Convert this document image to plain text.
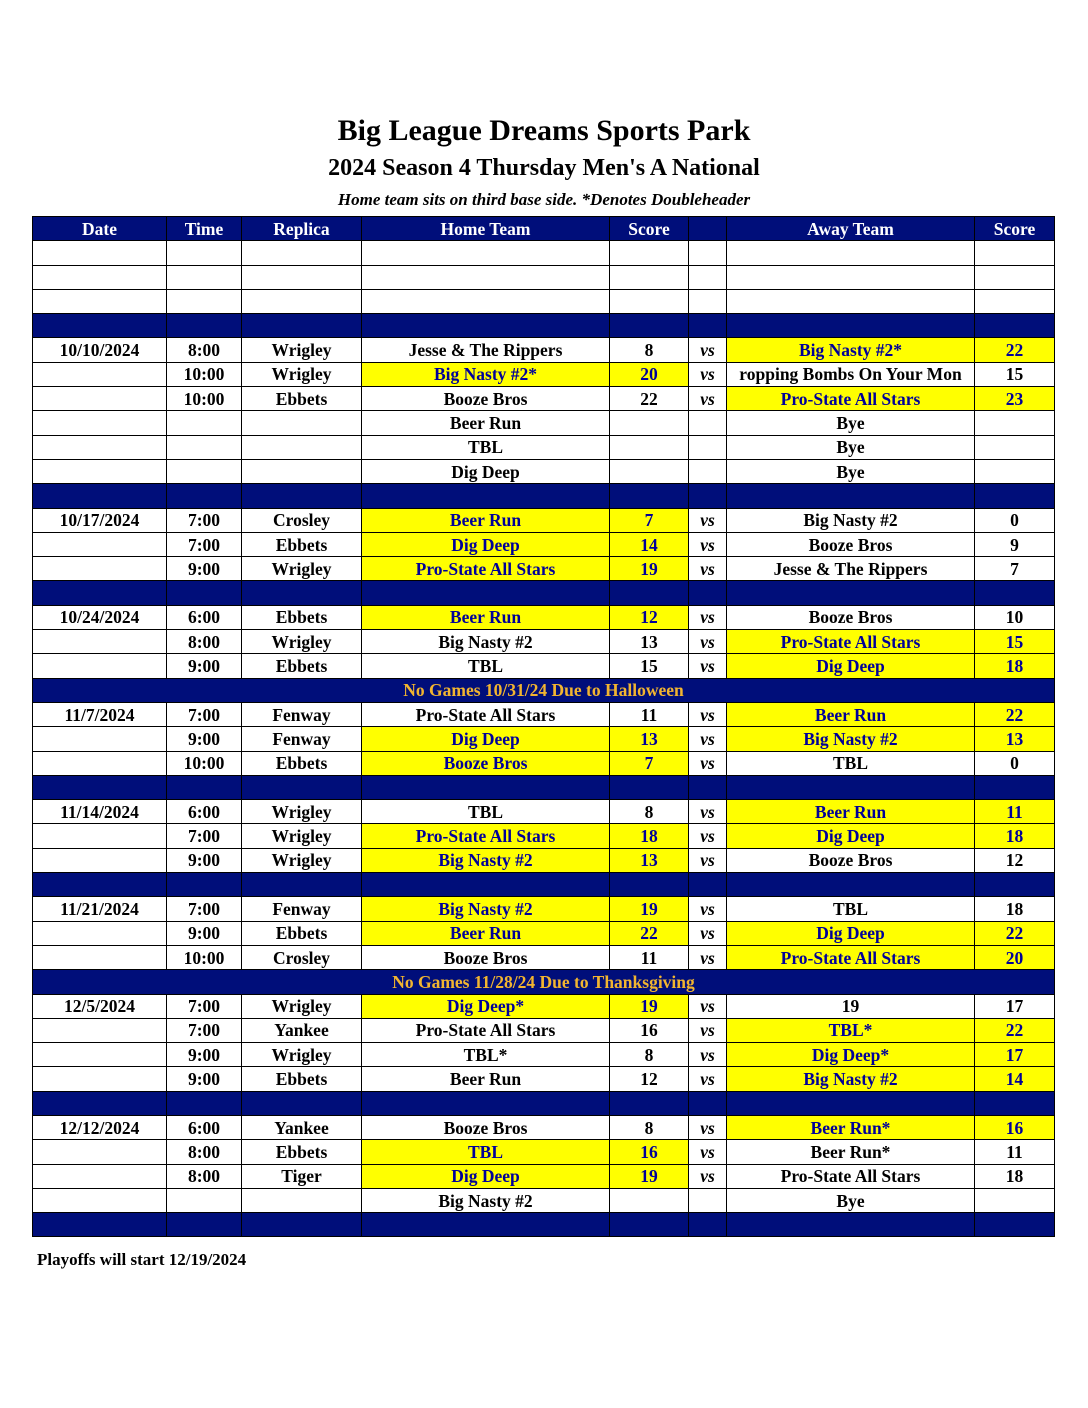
Big League Dreams Sports Park
2024 Season 4 Thursday Men's A National
Home team sits on third base side. *Denotes Doubleheader
Date	Time	Replica	Home Team	Score		Away Team	Score

10/10/2024	8:00	Wrigley	Jesse & The Rippers	8	vs	Big Nasty #2*	22
	10:00	Wrigley	Big Nasty #2*	20	vs	ropping Bombs On Your Mon	15
	10:00	Ebbets	Booze Bros	22	vs	Pro-State All Stars	23
			Beer Run			Bye	
			TBL			Bye	
			Dig Deep			Bye	

10/17/2024	7:00	Crosley	Beer Run	7	vs	Big Nasty #2	0
	7:00	Ebbets	Dig Deep	14	vs	Booze Bros	9
	9:00	Wrigley	Pro-State All Stars	19	vs	Jesse & The Rippers	7

10/24/2024	6:00	Ebbets	Beer Run	12	vs	Booze Bros	10
	8:00	Wrigley	Big Nasty #2	13	vs	Pro-State All Stars	15
	9:00	Ebbets	TBL	15	vs	Dig Deep	18
No Games 10/31/24 Due to Halloween							
11/7/2024	7:00	Fenway	Pro-State All Stars	11	vs	Beer Run	22
	9:00	Fenway	Dig Deep	13	vs	Big Nasty #2	13
	10:00	Ebbets	Booze Bros	7	vs	TBL	0

11/14/2024	6:00	Wrigley	TBL	8	vs	Beer Run	11
	7:00	Wrigley	Pro-State All Stars	18	vs	Dig Deep	18
	9:00	Wrigley	Big Nasty #2	13	vs	Booze Bros	12

11/21/2024	7:00	Fenway	Big Nasty #2	19	vs	TBL	18
	9:00	Ebbets	Beer Run	22	vs	Dig Deep	22
	10:00	Crosley	Booze Bros	11	vs	Pro-State All Stars	20
No Games 11/28/24 Due to Thanksgiving							
12/5/2024	7:00	Wrigley	Dig Deep*	19	vs	19	17
	7:00	Yankee	Pro-State All Stars	16	vs	TBL*	22
	9:00	Wrigley	TBL*	8	vs	Dig Deep*	17
	9:00	Ebbets	Beer Run	12	vs	Big Nasty #2	14

12/12/2024	6:00	Yankee	Booze Bros	8	vs	Beer Run*	16
	8:00	Ebbets	TBL	16	vs	Beer Run*	11
	8:00	Tiger	Dig Deep	19	vs	Pro-State All Stars	18
			Big Nasty #2			Bye	

Playoffs will start 12/19/2024
